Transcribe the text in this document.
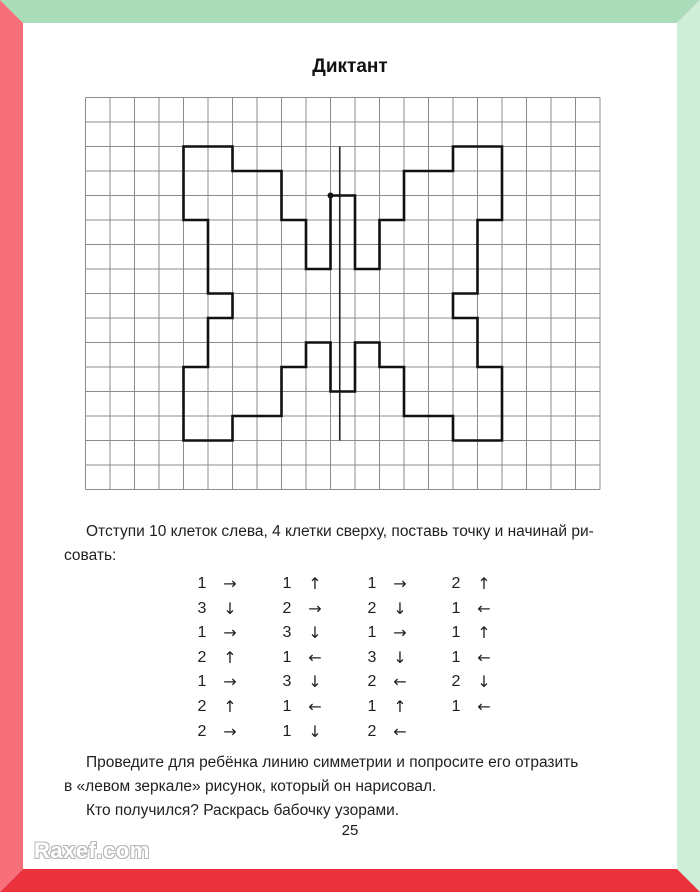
Диктант
Отступи 10 клеток слева, 4 клетки сверху, поставь точку и начинай ри-
совать:
1 →
3 ↓
1 →
2 ↑
1 →
2 ↑
2 →
1 ↑
2 →
3 ↓
1 ←
3 ↓
1 ←
1 ↓
1 →
2 ↓
1 →
3 ↓
2 ←
1 ↑
2 ←
2 ↑
1 ←
1 ↑
1 ←
2 ↓
1 ←
Проведите для ребёнка линию симметрии и попросите его отразить
в «левом зеркале» рисунок, который он нарисовал.
Кто получился? Раскрась бабочку узорами.
25
Raxef.com
